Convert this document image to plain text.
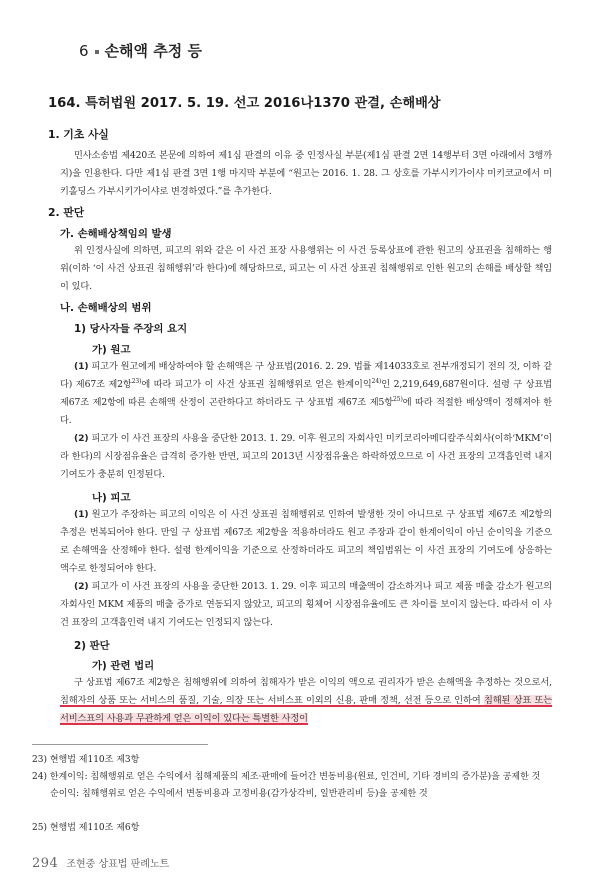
6 손해액 추정 등
164. 특허법원 2017. 5. 19. 선고 2016나1370 관결, 손해배상
1. 기초 사실
민사소송법 제420조 본문에 의하여 제1심 판결의 이유 중 인정사실 부분(제1심 판결 2면 14행부터 3면 아래에서 3행까지)을 인용한다. 다만 제1심 판결 3면 1행 마지막 부분에 “원고는 2016. 1. 28. 그 상호를 가부시키가이샤 미키코교에서 미키홀딩스 가부시키가이샤로 변경하였다.”를 추가한다.
2. 판단
가. 손해배상책임의 발생
위 인정사실에 의하면, 피고의 위와 같은 이 사건 표장 사용행위는 이 사건 등록상표에 관한 원고의 상표권을 침해하는 행위(이하 ‘이 사건 상표권 침해행위’라 한다)에 해당하므로, 피고는 이 사건 상표권 침해행위로 인한 원고의 손해를 배상할 책임이 있다.
나. 손해배상의 범위
1) 당사자들 주장의 요지
가) 원고
(1) 피고가 원고에게 배상하여야 할 손해액은 구 상표법(2016. 2. 29. 법률 제14033호로 전부개정되기 전의 것, 이하 같다) 제67조 제2항$^{23)}$에 따라 피고가 이 사건 상표권 침해행위로 얻은 한계이익$^{24)}$인 2,219,649,687원이다. 설령 구 상표법 제67조 제2항에 따른 손해액 산정이 곤란하다고 하더라도 구 상표법 제67조 제5항$^{25)}$에 따라 적절한 배상액이 정해져야 한다.
(2) 피고가 이 사건 표장의 사용을 중단한 2013. 1. 29. 이후 원고의 자회사인 미키코리아메디칼주식회사(이하‘MKM’이라 한다)의 시장점유율은 급격히 증가한 반면, 피고의 2013년 시장점유율은 하락하였으므로 이 사건 표장의 고객흡인력 내지 기여도가 충분히 인정된다.
나) 피고
(1) 원고가 주장하는 피고의 이익은 이 사건 상표권 침해행위로 인하여 발생한 것이 아니므로 구 상표법 제67조 제2항의 추정은 번복되어야 한다. 만일 구 상표법 제67조 제2항을 적용하더라도 원고 주장과 같이 한계이익이 아닌 순이익을 기준으로 손해액을 산정해야 한다. 설령 한계이익을 기준으로 산정하더라도 피고의 책임범위는 이 사건 표장의 기여도에 상응하는 액수로 한정되어야 한다.
(2) 피고가 이 사건 표장의 사용을 중단한 2013. 1. 29. 이후 피고의 매출액이 감소하거나 피고 제품 매출 감소가 원고의 자회사인 MKM 제품의 매출 증가로 연동되지 않았고, 피고의 횡체어 시장점유율에도 큰 차이를 보이지 않는다. 따라서 이 사건 표장의 고객흡인력 내지 기여도는 인정되지 않는다.
2) 판단
가) 관련 법리
구 상표법 제67조 제2항은 침해행위에 의하여 침해자가 받은 이익의 액으로 권리자가 받은 손해액을 추정하는 것으로서, 침해자의 상품 또는 서비스의 품질, 기술, 의장 또는 서비스표 이외의 신용, 판매 정책, 선전 등으로 인하여 침해된 상표 또는 서비스표의 사용과 무관하게 얻은 이익이 있다는 특별한 사정이
23) 현행법 제110조 제3항
24) 한계이익: 침해행위로 얻은 수익에서 침해제품의 제조·판매에 들어간 변동비용(원료, 인건비, 기타 경비의 증가분)을 공제한 것
순이익: 침해행위로 얻은 수익에서 변동비용과 고정비용(감가상각비, 일반관리비 등)을 공제한 것
25) 현행법 제110조 제6항
294 조현중 상표법 판례노트
